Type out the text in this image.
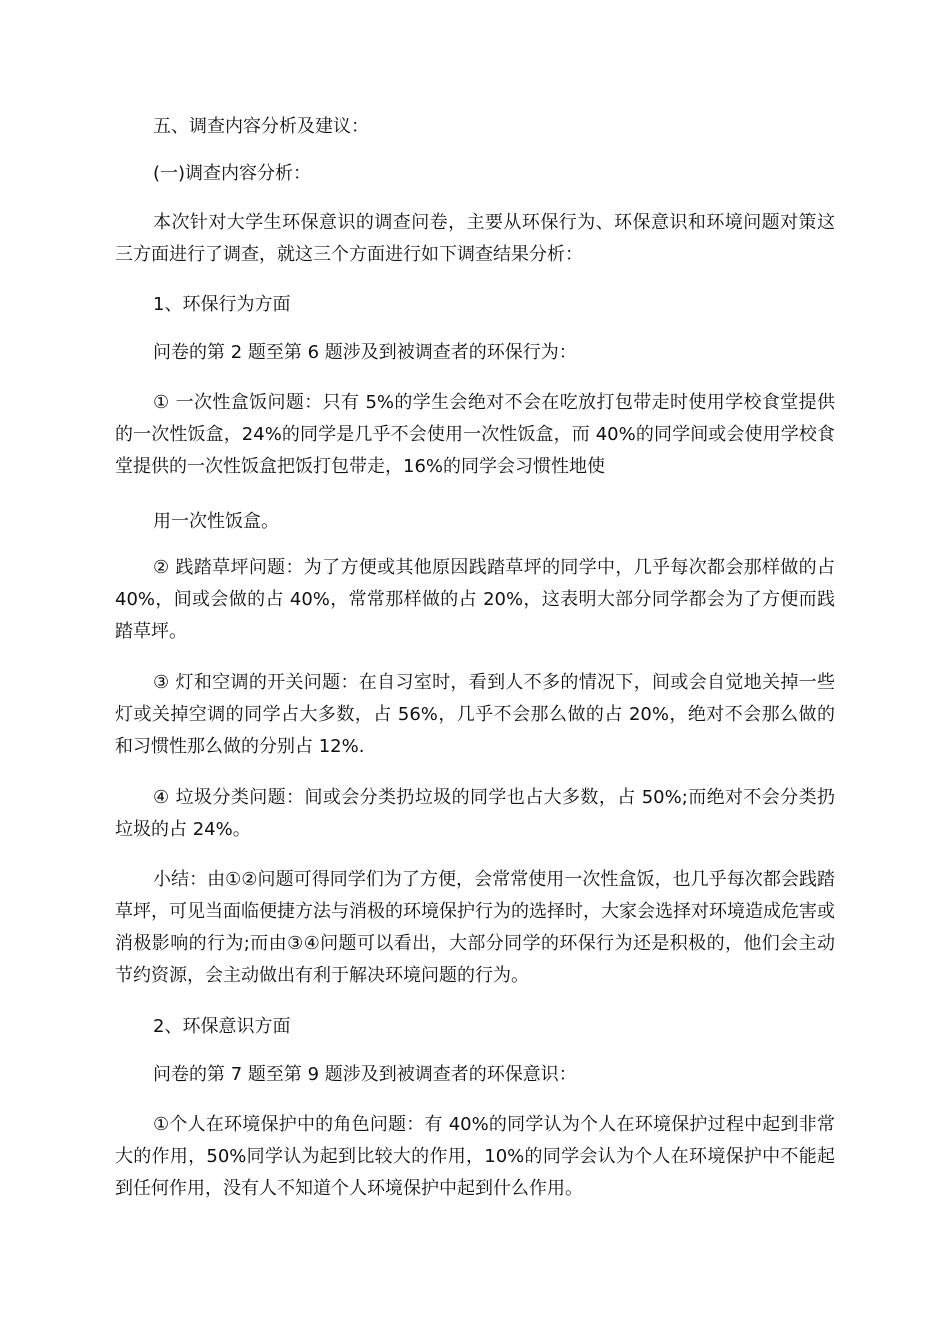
五、调查内容分析及建议：

(一)调查内容分析：

本次针对大学生环保意识的调查问卷，主要从环保行为、环保意识和环境问题对策这三方面进行了调查，就这三个方面进行如下调查结果分析：

1、环保行为方面

问卷的第 2 题至第 6 题涉及到被调查者的环保行为：

① 一次性盒饭问题：只有 5%的学生会绝对不会在吃放打包带走时使用学校食堂提供的一次性饭盒，24%的同学是几乎不会使用一次性饭盒，而 40%的同学间或会使用学校食堂提供的一次性饭盒把饭打包带走，16%的同学会习惯性地使

用一次性饭盒。

② 践踏草坪问题：为了方便或其他原因践踏草坪的同学中，几乎每次都会那样做的占 40%，间或会做的占 40%，常常那样做的占 20%，这表明大部分同学都会为了方便而践踏草坪。

③ 灯和空调的开关问题：在自习室时，看到人不多的情况下，间或会自觉地关掉一些灯或关掉空调的同学占大多数，占 56%，几乎不会那么做的占 20%，绝对不会那么做的和习惯性那么做的分别占 12%.

④ 垃圾分类问题：间或会分类扔垃圾的同学也占大多数，占 50%;而绝对不会分类扔垃圾的占 24%。

小结：由①②问题可得同学们为了方便，会常常使用一次性盒饭，也几乎每次都会践踏草坪，可见当面临便捷方法与消极的环境保护行为的选择时，大家会选择对环境造成危害或消极影响的行为;而由③④问题可以看出，大部分同学的环保行为还是积极的，他们会主动节约资源，会主动做出有利于解决环境问题的行为。

2、环保意识方面

问卷的第 7 题至第 9 题涉及到被调查者的环保意识：

①个人在环境保护中的角色问题：有 40%的同学认为个人在环境保护过程中起到非常大的作用，50%同学认为起到比较大的作用，10%的同学会认为个人在环境保护中不能起到任何作用，没有人不知道个人环境保护中起到什么作用。
